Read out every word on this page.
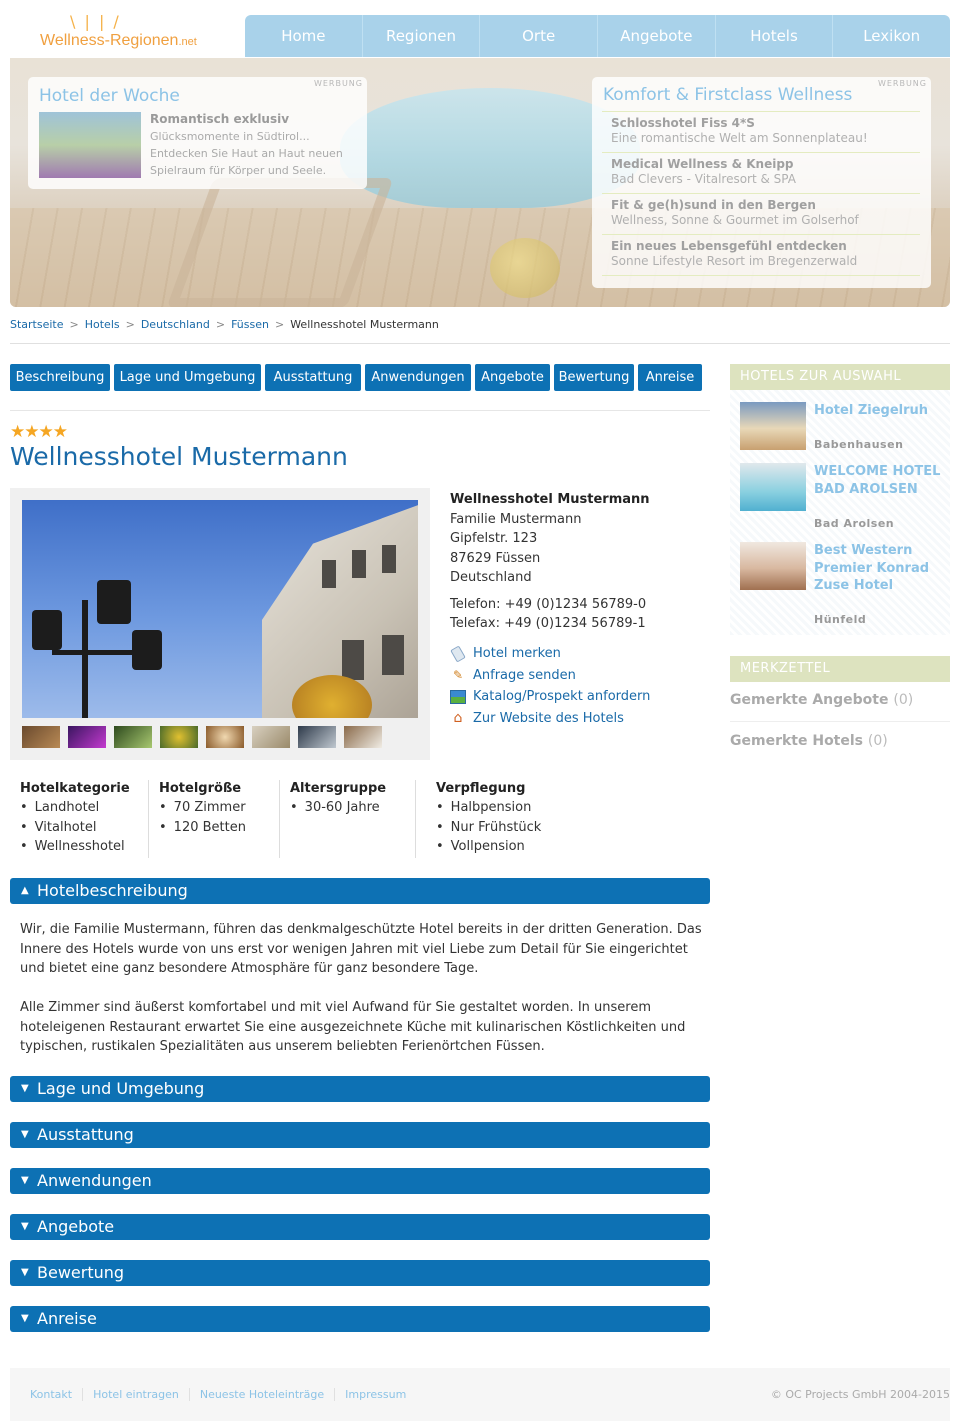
\ | | /
Wellness-Regionen.net	Home	Regionen	Orte	Angebote	Hotels	Lexikon
WERBUNG
Hotel der Woche
Romantisch exklusiv
Glücksmomente in Südtirol... Entdecken Sie Haut an Haut neuen Spielraum für Körper und Seele.
WERBUNG
Komfort & Firstclass Wellness
Schlosshotel Fiss 4*S
Eine romantische Welt am Sonnenplateau!
Medical Wellness & Kneipp
Bad Clevers - Vitalresort & SPA
Fit & ge(h)sund in den Bergen
Wellness, Sonne & Gourmet im Golserhof
Ein neues Lebensgefühl entdecken
Sonne Lifestyle Resort im Bregenzerwald
Startseite > Hotels > Deutschland > Füssen > Wellnesshotel Mustermann
Beschreibung	Lage und Umgebung	Ausstattung	Anwendungen	Angebote	Bewertung	Anreise
★★★★
Wellnesshotel Mustermann
Wellnesshotel Mustermann
Familie Mustermann
Gipfelstr. 123
87629 Füssen
Deutschland
Telefon: +49 (0)1234 56789-0
Telefax: +49 (0)1234 56789-1
Hotel merken
✎ Anfrage senden
Katalog/Prospekt anfordern
⌂ Zur Website des Hotels
Hotelkategorie
• Landhotel
• Vitalhotel
• Wellnesshotel
Hotelgröße
• 70 Zimmer
• 120 Betten
Altersgruppe
• 30-60 Jahre
Verpflegung
• Halbpension
• Nur Frühstück
• Vollpension
▲ Hotelbeschreibung

Wir, die Familie Mustermann, führen das denkmalgeschützte Hotel bereits in der dritten Generation. Das Innere des Hotels wurde von uns erst vor wenigen Jahren mit viel Liebe zum Detail für Sie eingerichtet und bietet eine ganz besondere Atmosphäre für ganz besondere Tage.

Alle Zimmer sind äußerst komfortabel und mit viel Aufwand für Sie gestaltet worden. In unserem hoteleigenen Restaurant erwartet Sie eine ausgezeichnete Küche mit kulinarischen Köstlichkeiten und typischen, rustikalen Spezialitäten aus unserem beliebten Ferienörtchen Füssen.

▼ Lage und Umgebung
▼ Ausstattung
▼ Anwendungen
▼ Angebote
▼ Bewertung
▼ Anreise
HOTELS ZUR AUSWAHL
Hotel Ziegelruh
Babenhausen
WELCOME HOTEL BAD AROLSEN
Bad Arolsen
Best Western Premier Konrad Zuse Hotel
Hünfeld
MERKZETTEL
Gemerkte Angebote (0)
Gemerkte Hotels (0)
Kontakt	Hotel eintragen	Neueste Hoteleinträge	Impressum	© OC Projects GmbH 2004-2015
